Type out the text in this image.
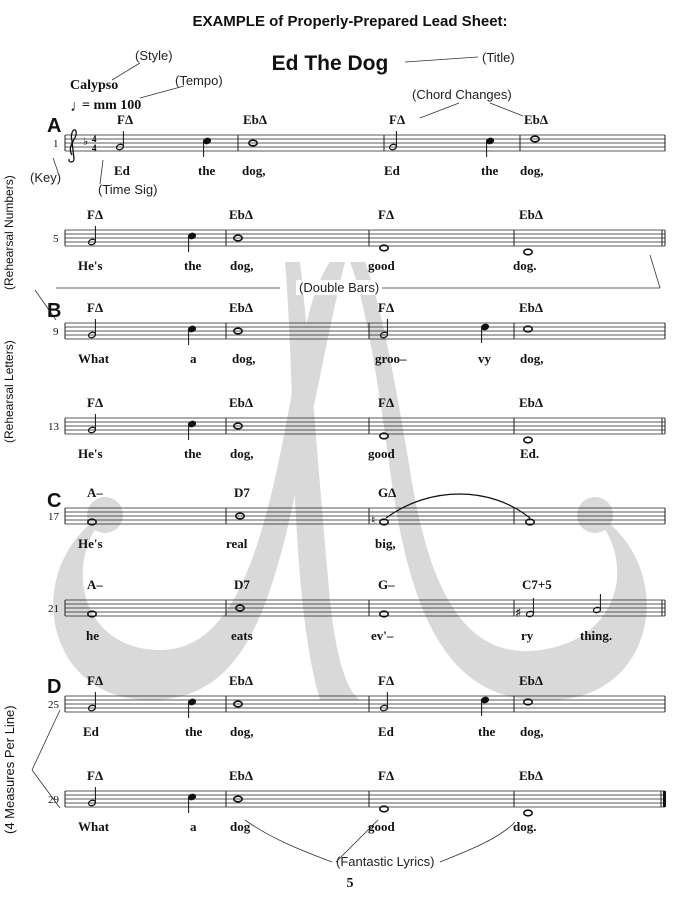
♭ 4
4
♮
♯
EXAMPLE of Properly-Prepared Lead Sheet:
Ed The Dog
Calypso
♩
= mm 100
(Style)
(Tempo)
(Title)
(Chord Changes)
(Key)
(Time Sig)
(Double Bars)
(Fantastic Lyrics)
(Rehearsal Numbers)
(Rehearsal Letters)
(4 Measures Per Line)
A
B
C
D
1
FΔ	EbΔ	FΔ	EbΔ
Ed	the dog,	Ed	the dog,
5
FΔ	EbΔ	FΔ	EbΔ
He's	the dog,	good	dog.
9
FΔ	EbΔ	FΔ	EbΔ
What	a	dog,	groo–	vy dog,
13
FΔ	EbΔ	FΔ	EbΔ
He's	the dog,	good	Ed.
17
A–	D7	GΔ
He's	real	big,
21
A–	D7	G–	C7+5
he	eats	ev'–	ry	thing.
25
FΔ	EbΔ	FΔ	EbΔ
Ed	the dog,	Ed	the dog,
29
FΔ	EbΔ	FΔ	EbΔ
What	a	dog	good	dog.
5
